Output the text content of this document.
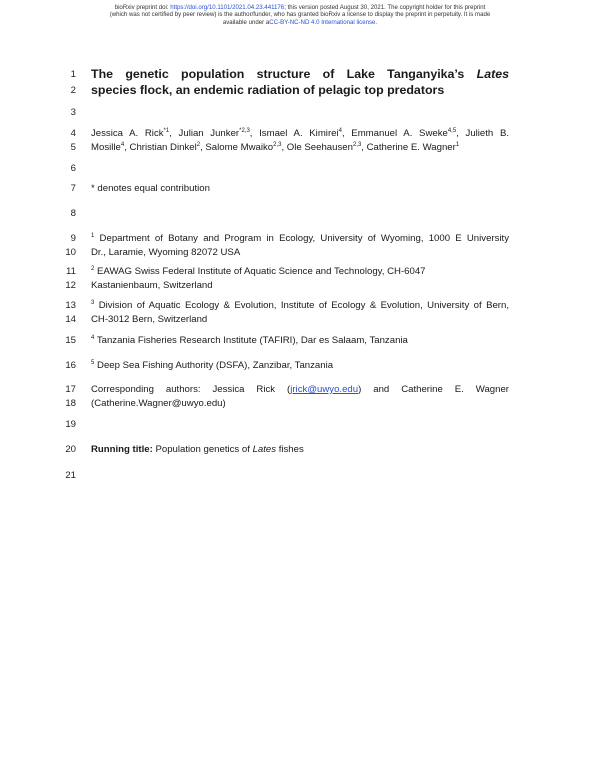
bioRxiv preprint doi: https://doi.org/10.1101/2021.04.23.441176; this version posted August 30, 2021. The copyright holder for this preprint
(which was not certified by peer review) is the author/funder, who has granted bioRxiv a license to display the preprint in perpetuity. It is made
available under aCC-BY-NC-ND 4.0 International license.
1 The genetic population structure of Lake Tanganyika’s Lates
2 species flock, an endemic radiation of pelagic top predators
3
4 Jessica A. Rick$^{*1}$, Julian Junker$^{*2,3}$, Ismael A. Kimirei$^4$, Emmanuel A. Sweke$^{4,5}$, Julieth B.
5 Mosille$^4$, Christian Dinkel$^2$, Salome Mwaiko$^{2,3}$, Ole Seehausen$^{2,3}$, Catherine E. Wagner$^1$
6
7 * denotes equal contribution
8
9	$^1$ Department of Botany and Program in Ecology, University of Wyoming, 1000 E University
10 Dr., Laramie, Wyoming 82072 USA
11	$^2$ EAWAG Swiss Federal Institute of Aquatic Science and Technology, CH-6047
12 Kastanienbaum, Switzerland
13	$^3$ Division of Aquatic Ecology & Evolution, Institute of Ecology & Evolution, University of Bern,
14 CH-3012 Bern, Switzerland
15	$^4$ Tanzania Fisheries Research Institute (TAFIRI), Dar es Salaam, Tanzania
16	$^5$ Deep Sea Fishing Authority (DSFA), Zanzibar, Tanzania
17 Corresponding authors: Jessica Rick (jrick@uwyo.edu) and Catherine E. Wagner
18 (Catherine.Wagner@uwyo.edu)
19
20 Running title: Population genetics of Lates fishes
21
